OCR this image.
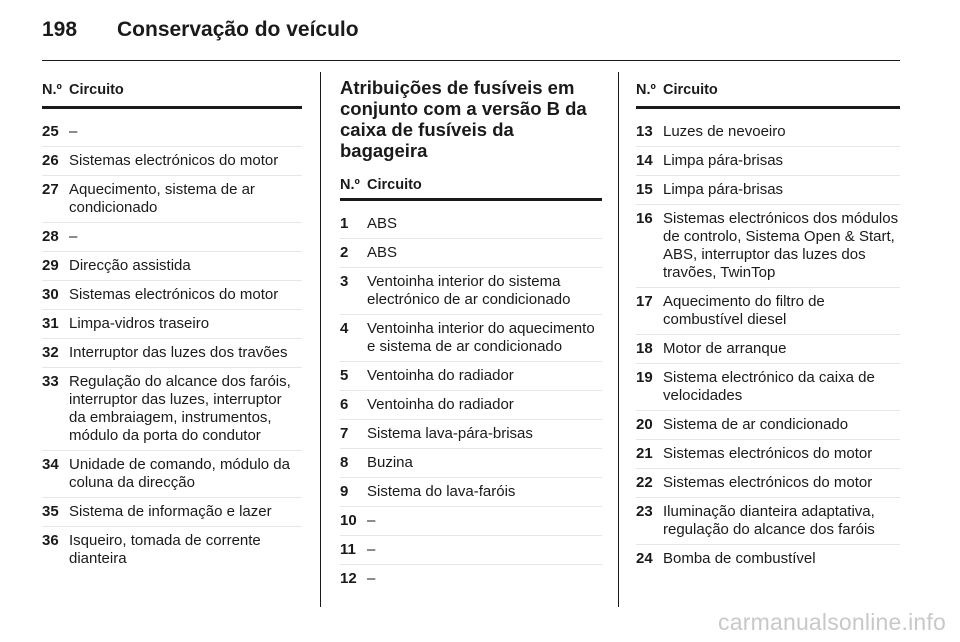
198 Conservação do veículo
N.º Circuito
25 –
26 Sistemas electrónicos do motor
27 Aquecimento, sistema de ar condicionado
28 –
29 Direcção assistida
30 Sistemas electrónicos do motor
31 Limpa-vidros traseiro
32 Interruptor das luzes dos travões
33 Regulação do alcance dos faróis, interruptor das luzes, interruptor da embraiagem, instrumentos, módulo da porta do condutor
34 Unidade de comando, módulo da coluna da direcção
35 Sistema de informação e lazer
36 Isqueiro, tomada de corrente dianteira
Atribuições de fusíveis em conjunto com a versão B da caixa de fusíveis da bagageira
N.º Circuito
1	ABS
2	ABS
3	Ventoinha interior do sistema electrónico de ar condicionado
4	Ventoinha interior do aquecimento e sistema de ar condicionado
5	Ventoinha do radiador
6	Ventoinha do radiador
7	Sistema lava-pára-brisas
8	Buzina
9	Sistema do lava-faróis
10 –
11 –
12 –
N.º Circuito
13 Luzes de nevoeiro
14 Limpa pára-brisas
15 Limpa pára-brisas
16 Sistemas electrónicos dos módulos de controlo, Sistema Open & Start, ABS, interruptor das luzes dos travões, TwinTop
17 Aquecimento do filtro de combustível diesel
18 Motor de arranque
19 Sistema electrónico da caixa de velocidades
20 Sistema de ar condicionado
21 Sistemas electrónicos do motor
22 Sistemas electrónicos do motor
23 Iluminação dianteira adaptativa, regulação do alcance dos faróis
24 Bomba de combustível
carmanualsonline.info
